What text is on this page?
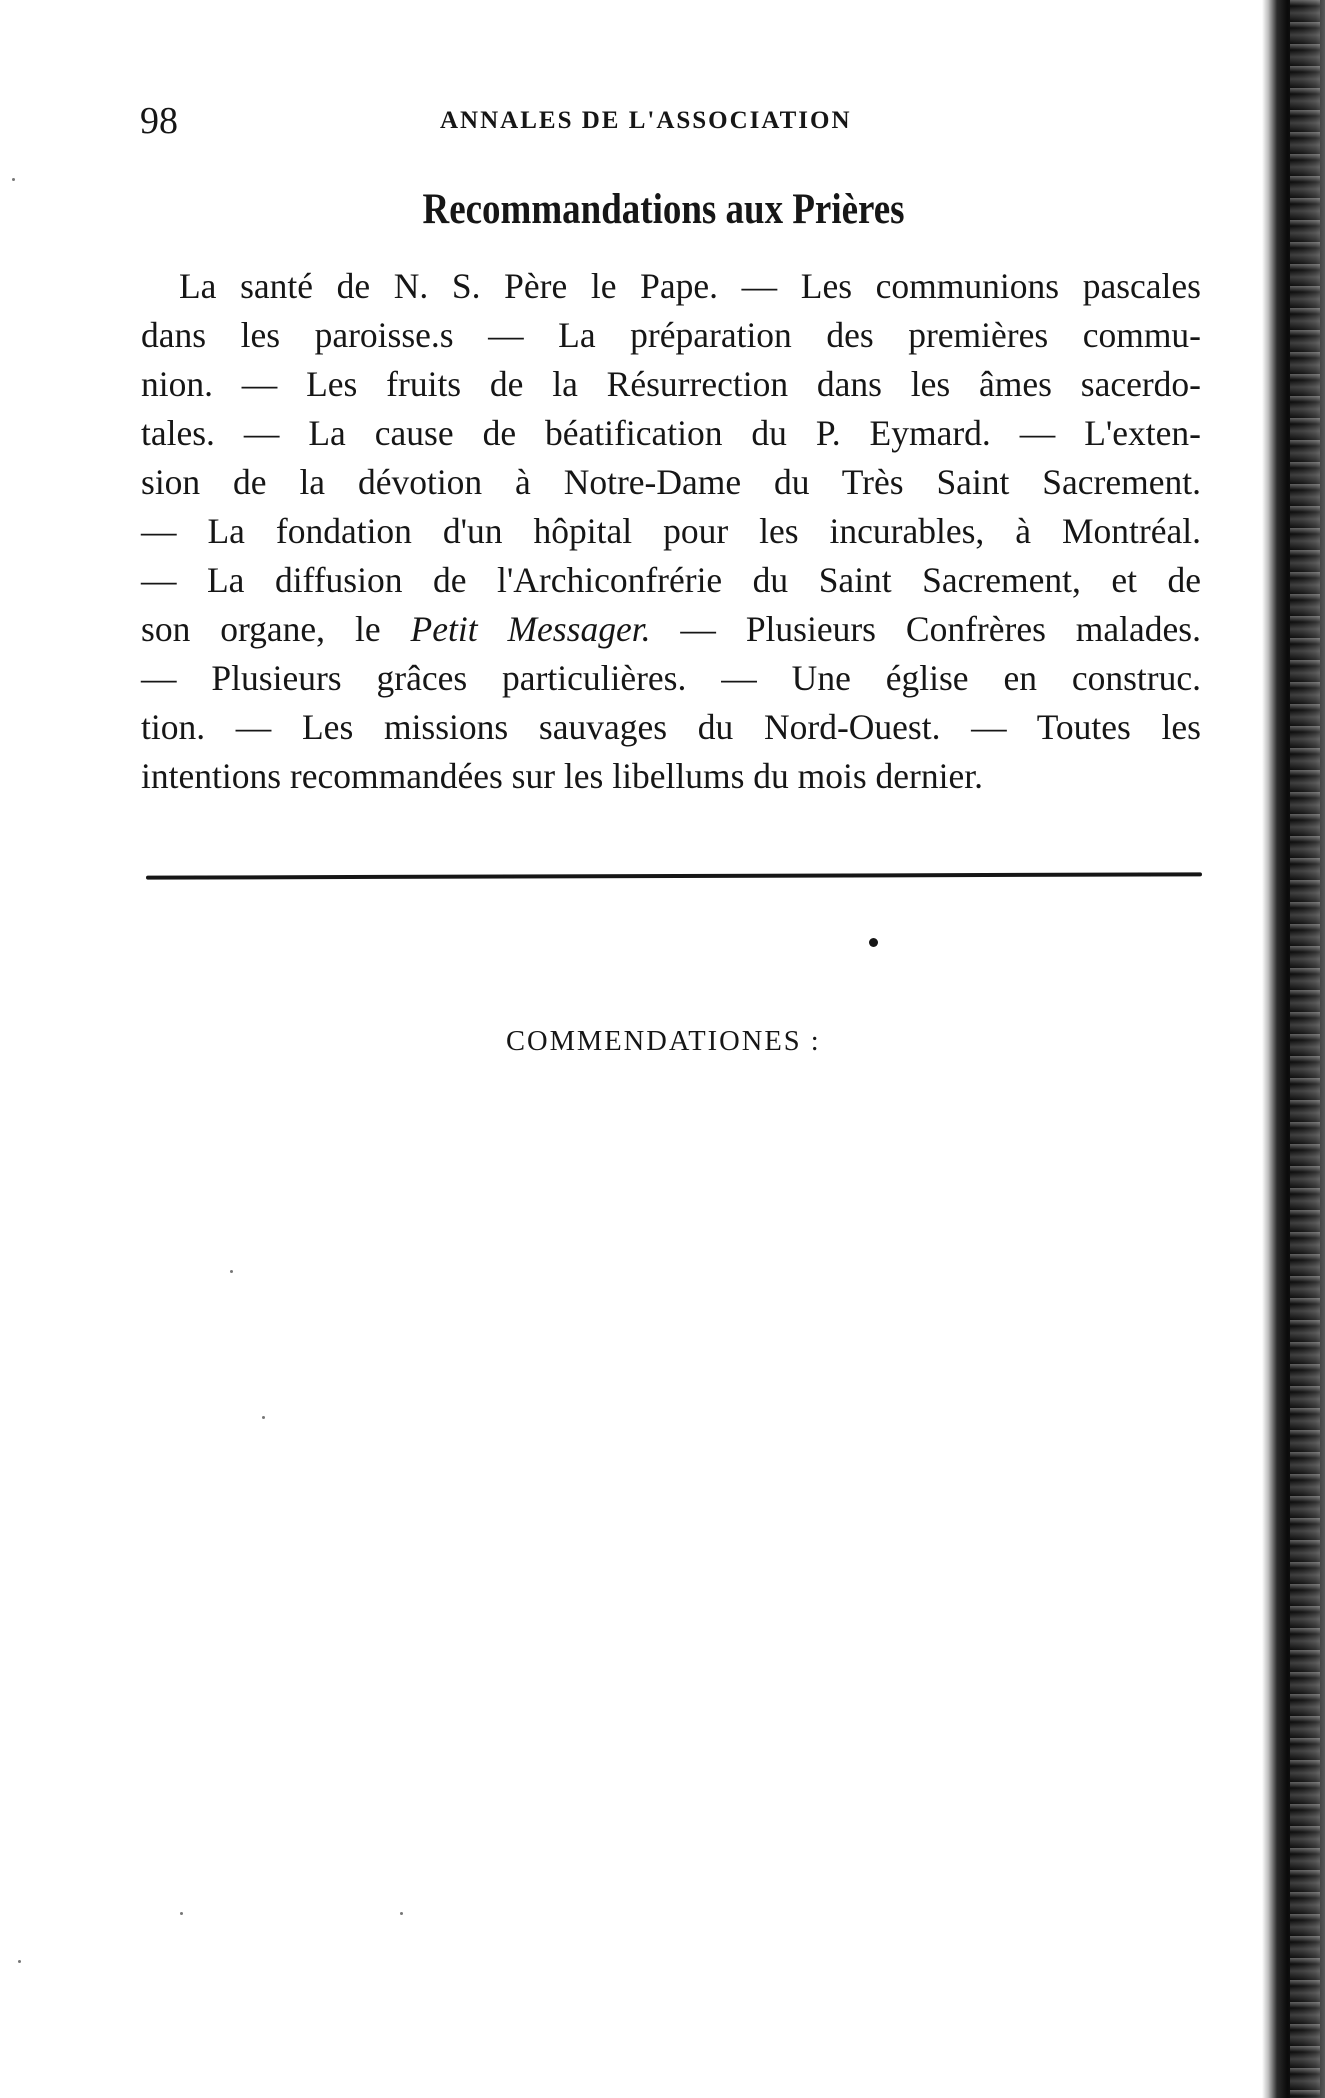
98	ANNALES DE L'ASSOCIATION
Recommandations aux Prières
La santé de N. S. Père le Pape. — Les communions pascales
dans les paroisse.s — La préparation des premières commu-
nion. — Les fruits de la Résurrection dans les âmes sacerdo-
tales. — La cause de béatification du P. Eymard. — L'exten-
sion de la dévotion à Notre-Dame du Très Saint Sacrement.
— La fondation d'un hôpital pour les incurables, à Montréal.
— La diffusion de l'Archiconfrérie du Saint Sacrement, et de
son organe, le Petit Messager. — Plusieurs Confrères malades.
— Plusieurs grâces particulières. — Une église en construc.
tion. — Les missions sauvages du Nord-Ouest. — Toutes les
intentions recommandées sur les libellums du mois dernier.
COMMENDATIONES :
